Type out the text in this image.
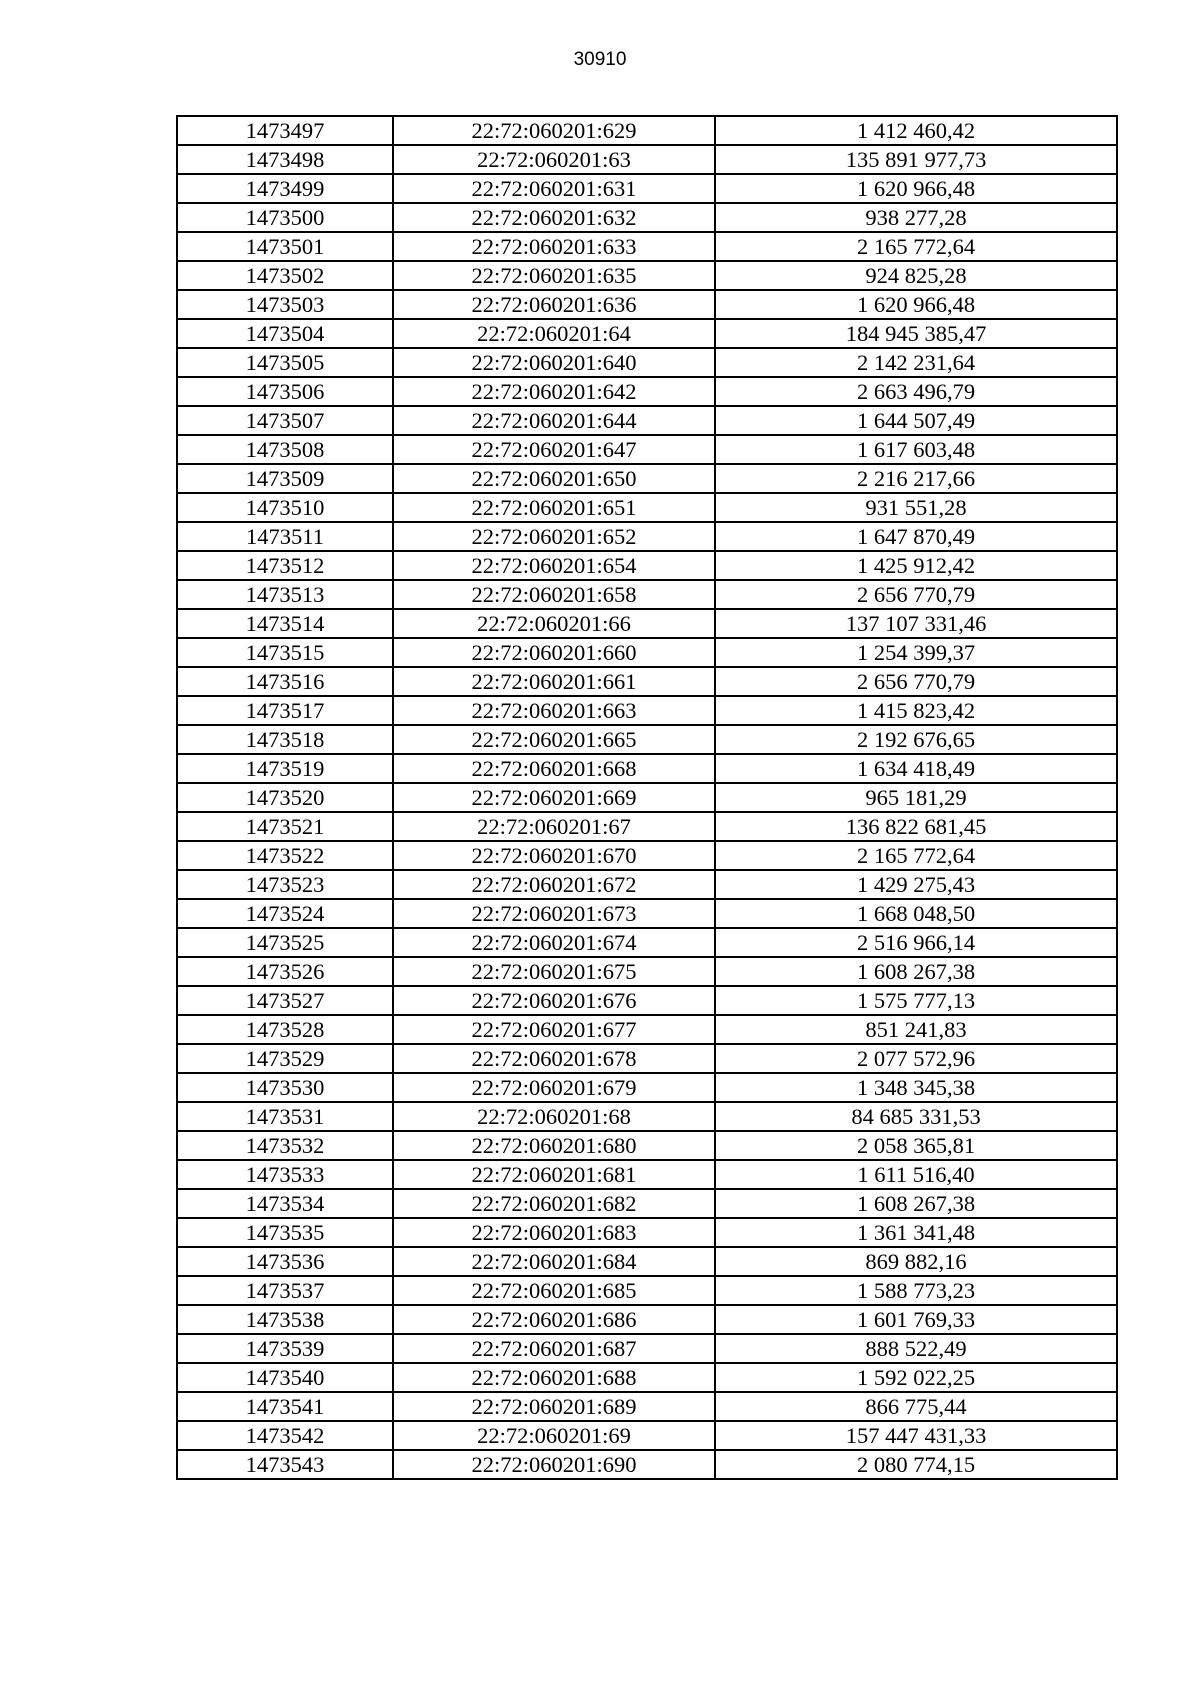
30910
1473497	22:72:060201:629	1 412 460,42
1473498	22:72:060201:63	135 891 977,73
1473499	22:72:060201:631	1 620 966,48
1473500	22:72:060201:632	938 277,28
1473501	22:72:060201:633	2 165 772,64
1473502	22:72:060201:635	924 825,28
1473503	22:72:060201:636	1 620 966,48
1473504	22:72:060201:64	184 945 385,47
1473505	22:72:060201:640	2 142 231,64
1473506	22:72:060201:642	2 663 496,79
1473507	22:72:060201:644	1 644 507,49
1473508	22:72:060201:647	1 617 603,48
1473509	22:72:060201:650	2 216 217,66
1473510	22:72:060201:651	931 551,28
1473511	22:72:060201:652	1 647 870,49
1473512	22:72:060201:654	1 425 912,42
1473513	22:72:060201:658	2 656 770,79
1473514	22:72:060201:66	137 107 331,46
1473515	22:72:060201:660	1 254 399,37
1473516	22:72:060201:661	2 656 770,79
1473517	22:72:060201:663	1 415 823,42
1473518	22:72:060201:665	2 192 676,65
1473519	22:72:060201:668	1 634 418,49
1473520	22:72:060201:669	965 181,29
1473521	22:72:060201:67	136 822 681,45
1473522	22:72:060201:670	2 165 772,64
1473523	22:72:060201:672	1 429 275,43
1473524	22:72:060201:673	1 668 048,50
1473525	22:72:060201:674	2 516 966,14
1473526	22:72:060201:675	1 608 267,38
1473527	22:72:060201:676	1 575 777,13
1473528	22:72:060201:677	851 241,83
1473529	22:72:060201:678	2 077 572,96
1473530	22:72:060201:679	1 348 345,38
1473531	22:72:060201:68	84 685 331,53
1473532	22:72:060201:680	2 058 365,81
1473533	22:72:060201:681	1 611 516,40
1473534	22:72:060201:682	1 608 267,38
1473535	22:72:060201:683	1 361 341,48
1473536	22:72:060201:684	869 882,16
1473537	22:72:060201:685	1 588 773,23
1473538	22:72:060201:686	1 601 769,33
1473539	22:72:060201:687	888 522,49
1473540	22:72:060201:688	1 592 022,25
1473541	22:72:060201:689	866 775,44
1473542	22:72:060201:69	157 447 431,33
1473543	22:72:060201:690	2 080 774,15
